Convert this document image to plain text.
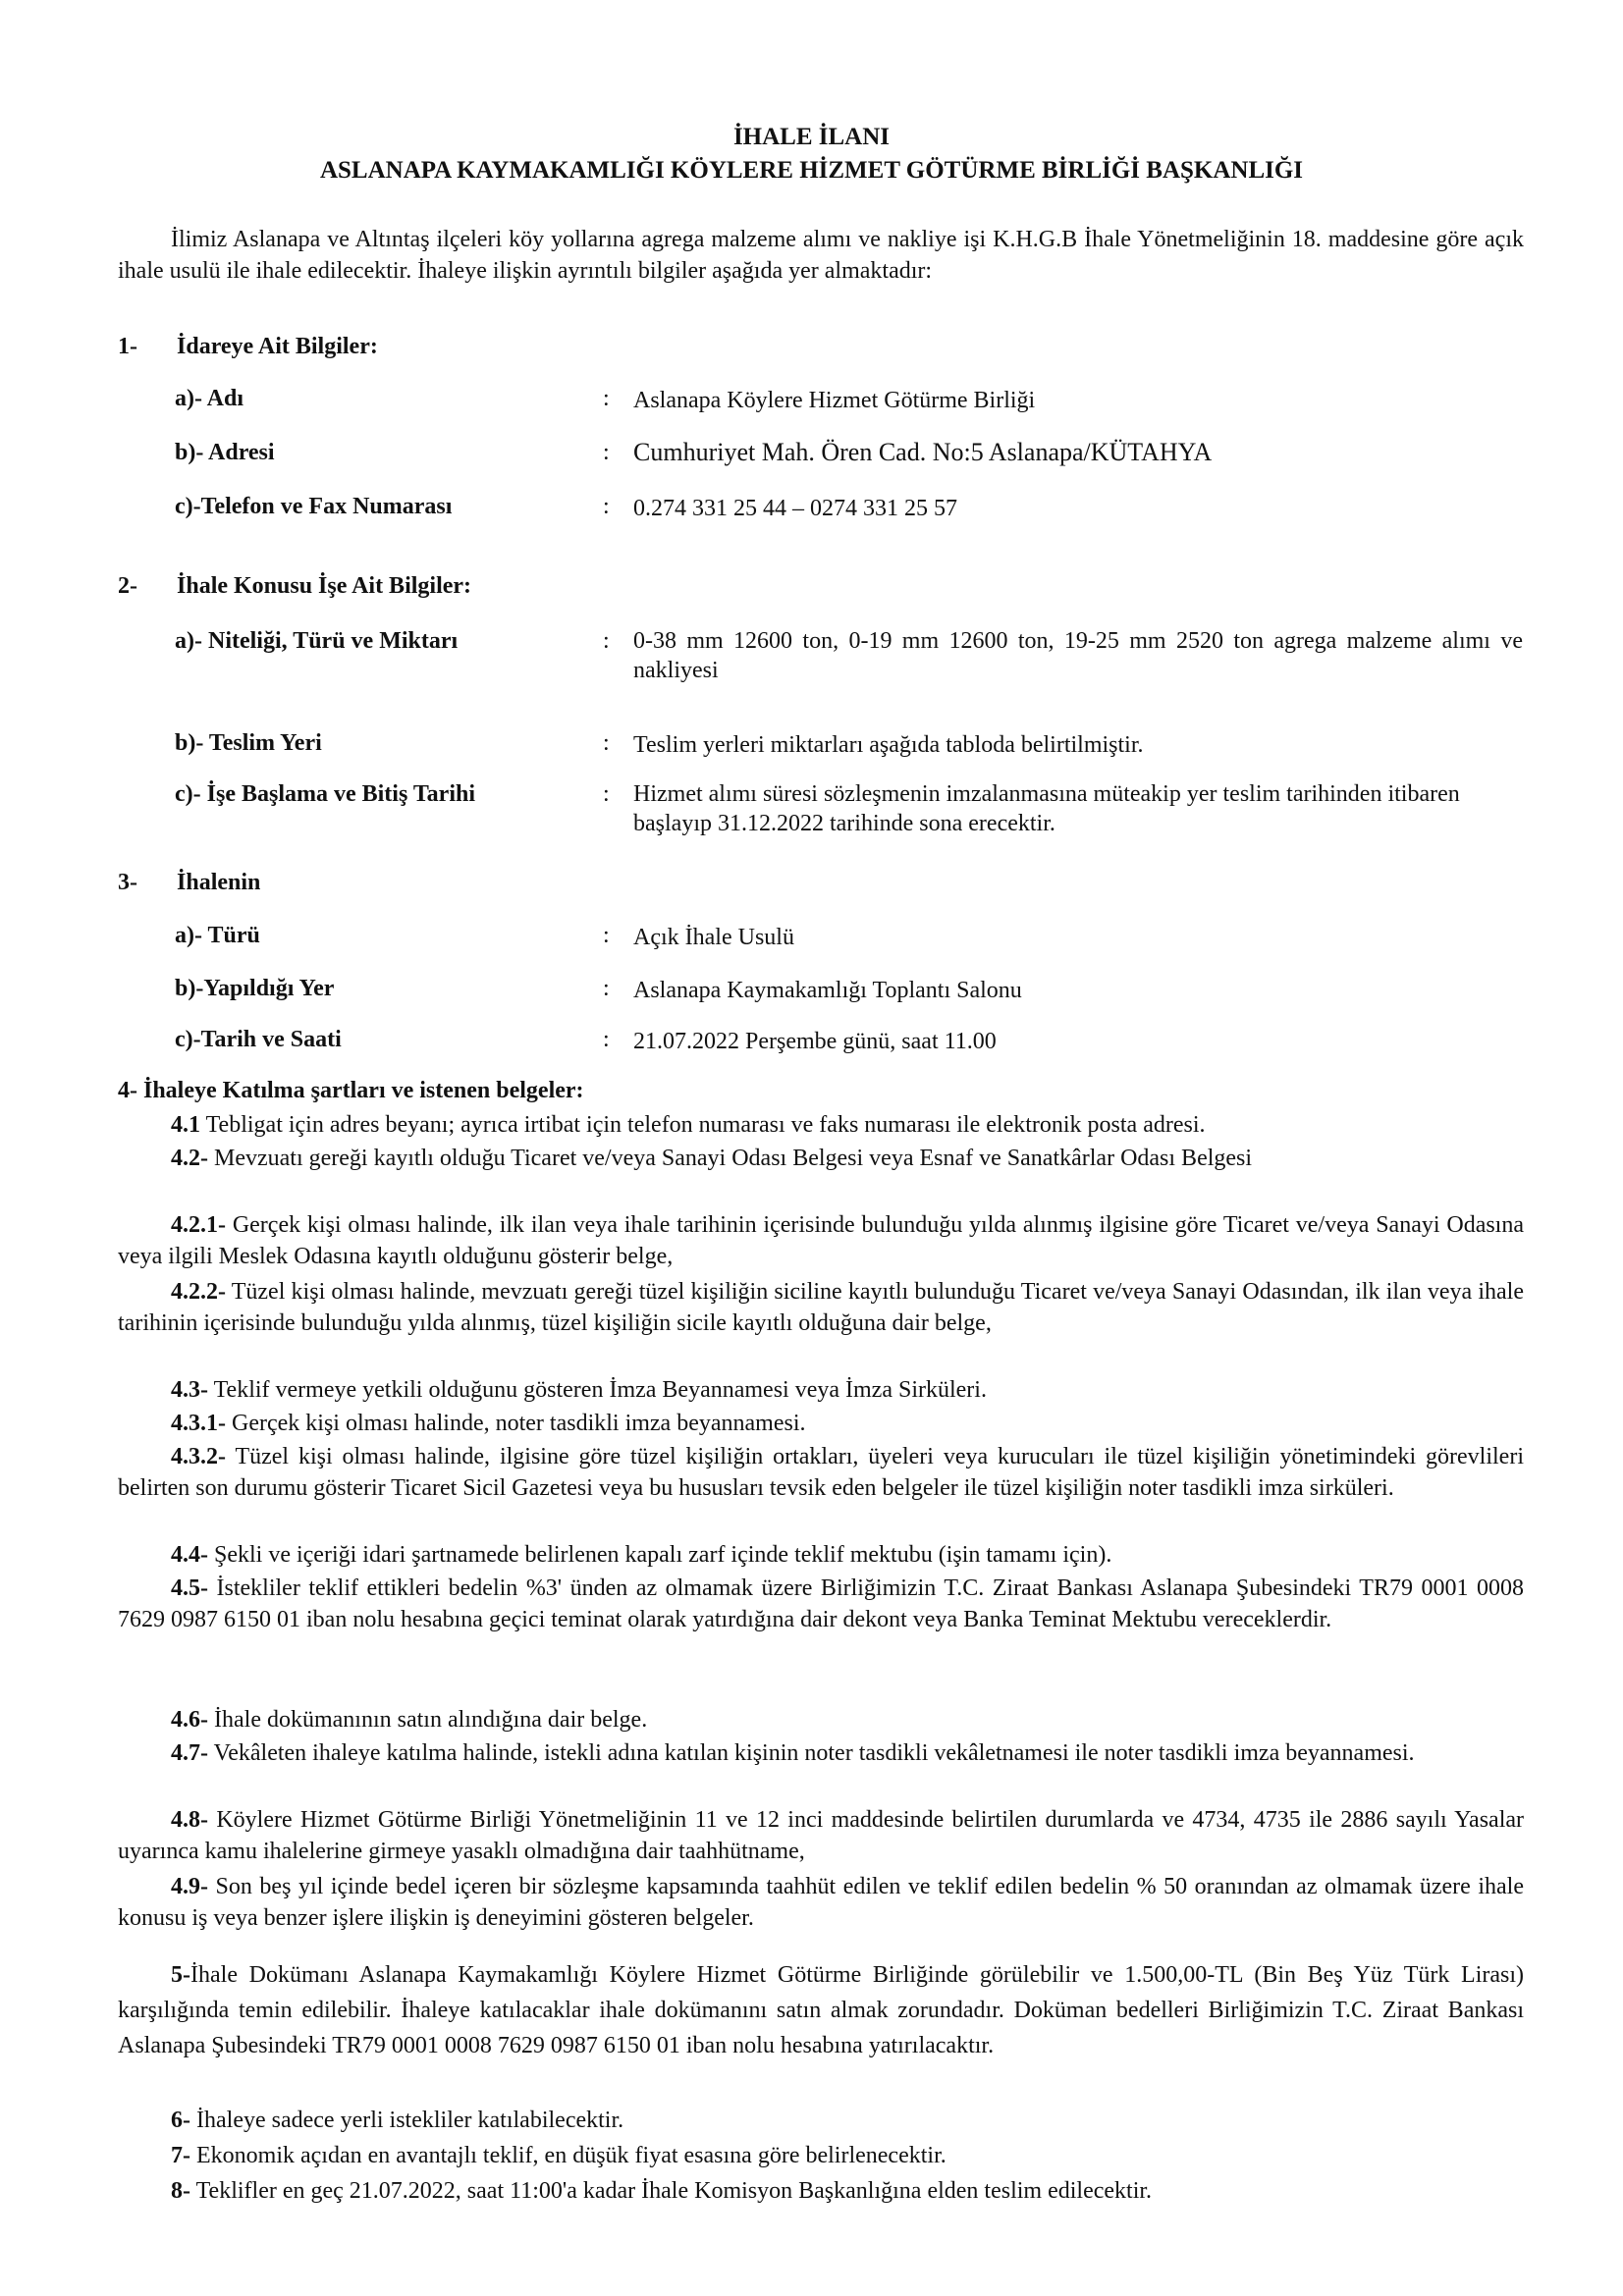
İHALE İLANI
ASLANAPA KAYMAKAMLIĞI KÖYLERE HİZMET GÖTÜRME BİRLİĞİ BAŞKANLIĞI
İlimiz Aslanapa ve Altıntaş ilçeleri köy yollarına agrega malzeme alımı ve nakliye işi K.H.G.B İhale Yönetmeliğinin 18. maddesine göre açık ihale usulü ile ihale edilecektir. İhaleye ilişkin ayrıntılı bilgiler aşağıda yer almaktadır:
1- İdareye Ait Bilgiler:
a)- Adı	: Aslanapa Köylere Hizmet Götürme Birliği
b)- Adresi	: Cumhuriyet Mah. Ören Cad. No:5 Aslanapa/KÜTAHYA
c)-Telefon ve Fax Numarası	: 0.274 331 25 44 – 0274 331 25 57
2- İhale Konusu İşe Ait Bilgiler:
a)- Niteliği, Türü ve Miktarı	: 0-38 mm 12600 ton, 0-19 mm 12600 ton, 19-25 mm 2520 ton agrega malzeme alımı ve nakliyesi
b)- Teslim Yeri	: Teslim yerleri miktarları aşağıda tabloda belirtilmiştir.
c)- İşe Başlama ve Bitiş Tarihi	: Hizmet alımı süresi sözleşmenin imzalanmasına müteakip yer teslim tarihinden itibaren başlayıp 31.12.2022 tarihinde sona erecektir.
3- İhalenin
a)- Türü	: Açık İhale Usulü
b)-Yapıldığı Yer	: Aslanapa Kaymakamlığı Toplantı Salonu
c)-Tarih ve Saati	: 21.07.2022 Perşembe günü, saat 11.00
4- İhaleye Katılma şartları ve istenen belgeler:
4.1 Tebligat için adres beyanı; ayrıca irtibat için telefon numarası ve faks numarası ile elektronik posta adresi.
4.2- Mevzuatı gereği kayıtlı olduğu Ticaret ve/veya Sanayi Odası Belgesi veya Esnaf ve Sanatkârlar Odası Belgesi
4.2.1- Gerçek kişi olması halinde, ilk ilan veya ihale tarihinin içerisinde bulunduğu yılda alınmış ilgisine göre Ticaret ve/veya Sanayi Odasına veya ilgili Meslek Odasına kayıtlı olduğunu gösterir belge,
4.2.2- Tüzel kişi olması halinde, mevzuatı gereği tüzel kişiliğin siciline kayıtlı bulunduğu Ticaret ve/veya Sanayi Odasından, ilk ilan veya ihale tarihinin içerisinde bulunduğu yılda alınmış, tüzel kişiliğin sicile kayıtlı olduğuna dair belge,
4.3- Teklif vermeye yetkili olduğunu gösteren İmza Beyannamesi veya İmza Sirküleri.
4.3.1- Gerçek kişi olması halinde, noter tasdikli imza beyannamesi.
4.3.2- Tüzel kişi olması halinde, ilgisine göre tüzel kişiliğin ortakları, üyeleri veya kurucuları ile tüzel kişiliğin yönetimindeki görevlileri belirten son durumu gösterir Ticaret Sicil Gazetesi veya bu hususları tevsik eden belgeler ile tüzel kişiliğin noter tasdikli imza sirküleri.
4.4- Şekli ve içeriği idari şartnamede belirlenen kapalı zarf içinde teklif mektubu (işin tamamı için).
4.5- İstekliler teklif ettikleri bedelin %3' ünden az olmamak üzere Birliğimizin T.C. Ziraat Bankası Aslanapa Şubesindeki TR79 0001 0008 7629 0987 6150 01 iban nolu hesabına geçici teminat olarak yatırdığına dair dekont veya Banka Teminat Mektubu vereceklerdir.
4.6- İhale dokümanının satın alındığına dair belge.
4.7- Vekâleten ihaleye katılma halinde, istekli adına katılan kişinin noter tasdikli vekâletnamesi ile noter tasdikli imza beyannamesi.
4.8- Köylere Hizmet Götürme Birliği Yönetmeliğinin 11 ve 12 inci maddesinde belirtilen durumlarda ve 4734, 4735 ile 2886 sayılı Yasalar uyarınca kamu ihalelerine girmeye yasaklı olmadığına dair taahhütname,
4.9- Son beş yıl içinde bedel içeren bir sözleşme kapsamında taahhüt edilen ve teklif edilen bedelin % 50 oranından az olmamak üzere ihale konusu iş veya benzer işlere ilişkin iş deneyimini gösteren belgeler.
5-İhale Dokümanı Aslanapa Kaymakamlığı Köylere Hizmet Götürme Birliğinde görülebilir ve 1.500,00-TL (Bin Beş Yüz Türk Lirası) karşılığında temin edilebilir. İhaleye katılacaklar ihale dokümanını satın almak zorundadır. Doküman bedelleri Birliğimizin T.C. Ziraat Bankası Aslanapa Şubesindeki TR79 0001 0008 7629 0987 6150 01 iban nolu hesabına yatırılacaktır.
6- İhaleye sadece yerli istekliler katılabilecektir.
7- Ekonomik açıdan en avantajlı teklif, en düşük fiyat esasına göre belirlenecektir.
8- Teklifler en geç 21.07.2022, saat 11:00'a kadar İhale Komisyon Başkanlığına elden teslim edilecektir.
